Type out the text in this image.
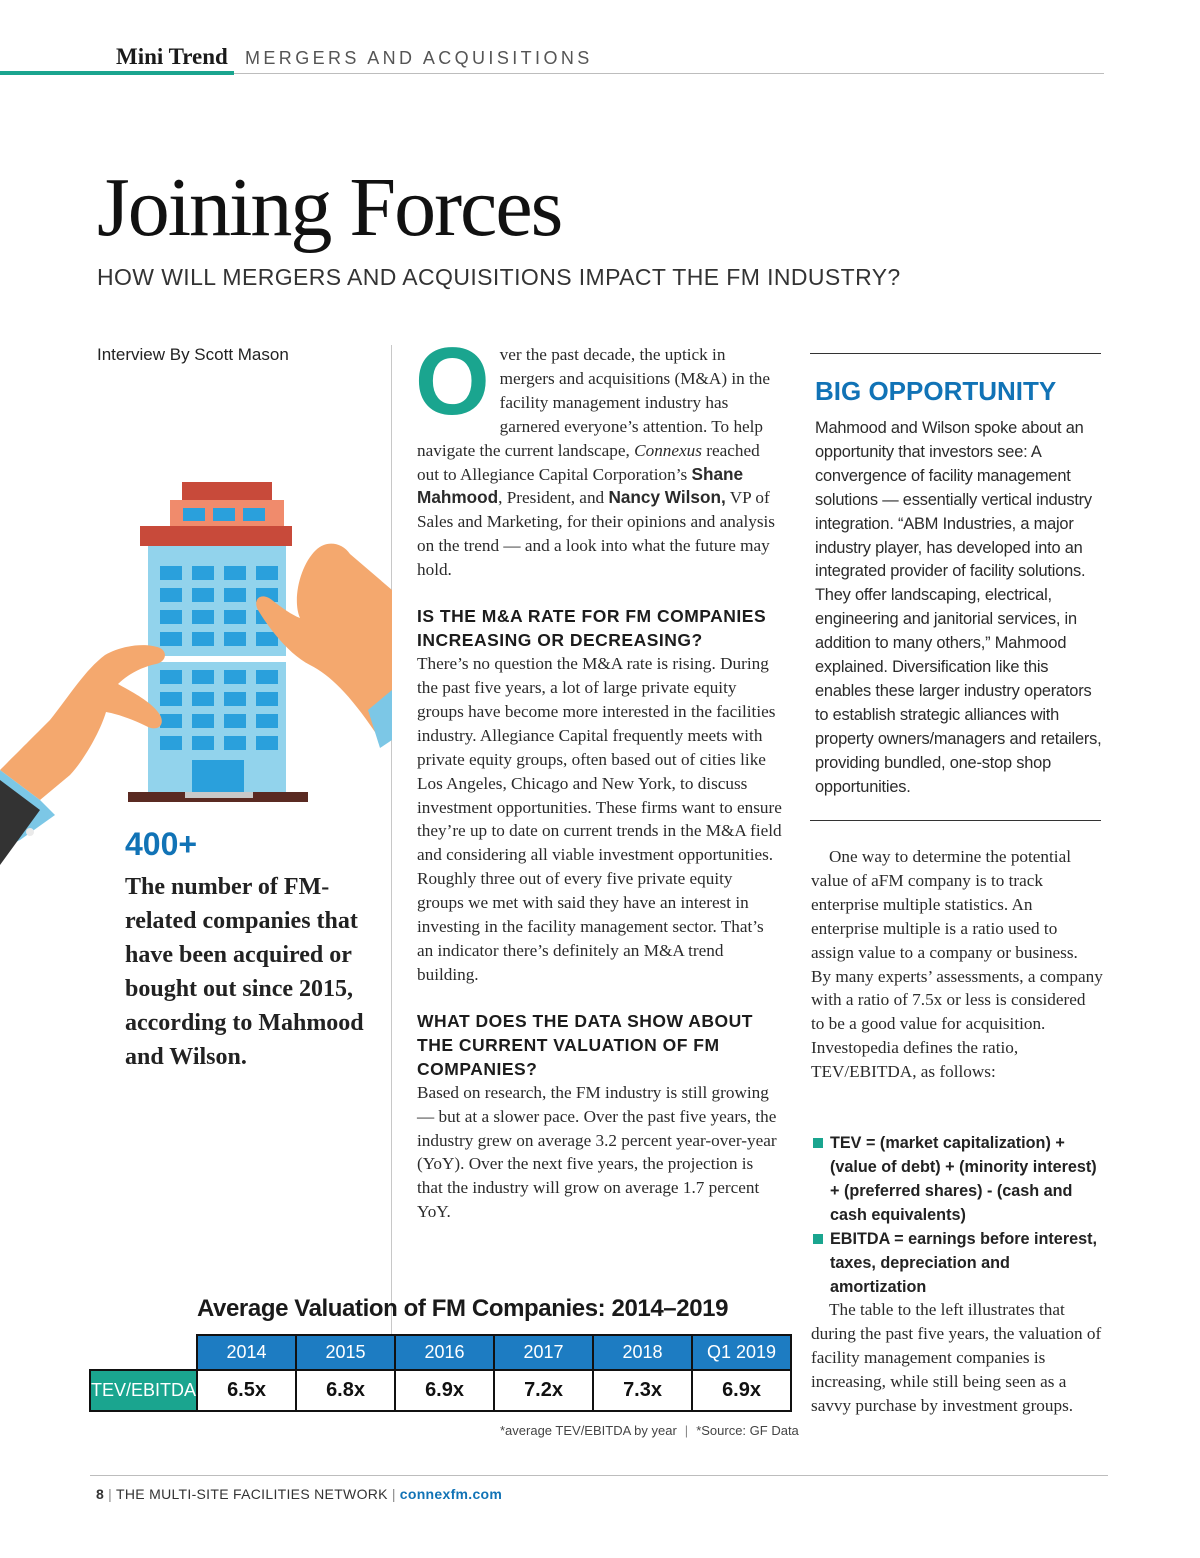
Mini Trend MERGERS AND ACQUISITIONS
Joining Forces
HOW WILL MERGERS AND ACQUISITIONS IMPACT THE FM INDUSTRY?
Interview By Scott Mason
400+
The number of FM-related companies that have been acquired or bought out since 2015, according to Mahmood and Wilson.

Over the past decade, the uptick in mergers and acquisitions (M&A) in the facility management industry has garnered everyone’s attention. To help navigate the current landscape, Connexus reached out to Allegiance Capital Corporation’s Shane Mahmood, President, and Nancy Wilson, VP of Sales and Marketing, for their opinions and analysis on the trend — and a look into what the future may hold.

IS THE M&A RATE FOR FM COMPANIES INCREASING OR DECREASING?

There’s no question the M&A rate is rising. During the past five years, a lot of large private equity groups have become more interested in the facilities industry. Allegiance Capital frequently meets with private equity groups, often based out of cities like Los Angeles, Chicago and New York, to discuss investment opportunities. These firms want to ensure they’re up to date on current trends in the M&A field and considering all viable investment opportunities. Roughly three out of every five private equity groups we met with said they have an interest in investing in the facility management sector. That’s an indicator there’s definitely an M&A trend building.

WHAT DOES THE DATA SHOW ABOUT THE CURRENT VALUATION OF FM COMPANIES?

Based on research, the FM industry is still growing — but at a slower pace. Over the past five years, the industry grew on average 3.2 percent year-over-year (YoY). Over the next five years, the projection is that the industry will grow on average 1.7 percent YoY.

BIG OPPORTUNITY
Mahmood and Wilson spoke about an opportunity that investors see: A convergence of facility management solutions — essentially vertical industry integration. “ABM Industries, a major industry player, has developed into an integrated provider of facility solutions. They offer landscaping, electrical, engineering and janitorial services, in addition to many others,” Mahmood explained. Diversification like this enables these larger industry operators to establish strategic alliances with property owners/managers and retailers, providing bundled, one-stop shop opportunities.

One way to determine the potential value of aFM company is to track enterprise multiple statistics. An enterprise multiple is a ratio used to assign value to a company or business.

By many experts’ assessments, a company with a ratio of 7.5x or less is considered to be a good value for acquisition. Investopedia defines the ratio, TEV/EBITDA, as follows:

TEV = (market capitalization) + (value of debt) + (minority interest) + (preferred shares) - (cash and cash equivalents)
EBITDA = earnings before interest, taxes, depreciation and amortization

The table to the left illustrates that during the past five years, the valuation of facility management companies is increasing, while still being seen as a savvy purchase by investment groups.

Average Valuation of FM Companies: 2014–2019
	2014	2015	2016	2017	2018	Q1 2019
TEV/EBITDA	6.5x	6.8x	6.9x	7.2x	7.3x	6.9x
*average TEV/EBITDA by year | *Source: GF Data
8 | THE MULTI-SITE FACILITIES NETWORK | connexfm.com
